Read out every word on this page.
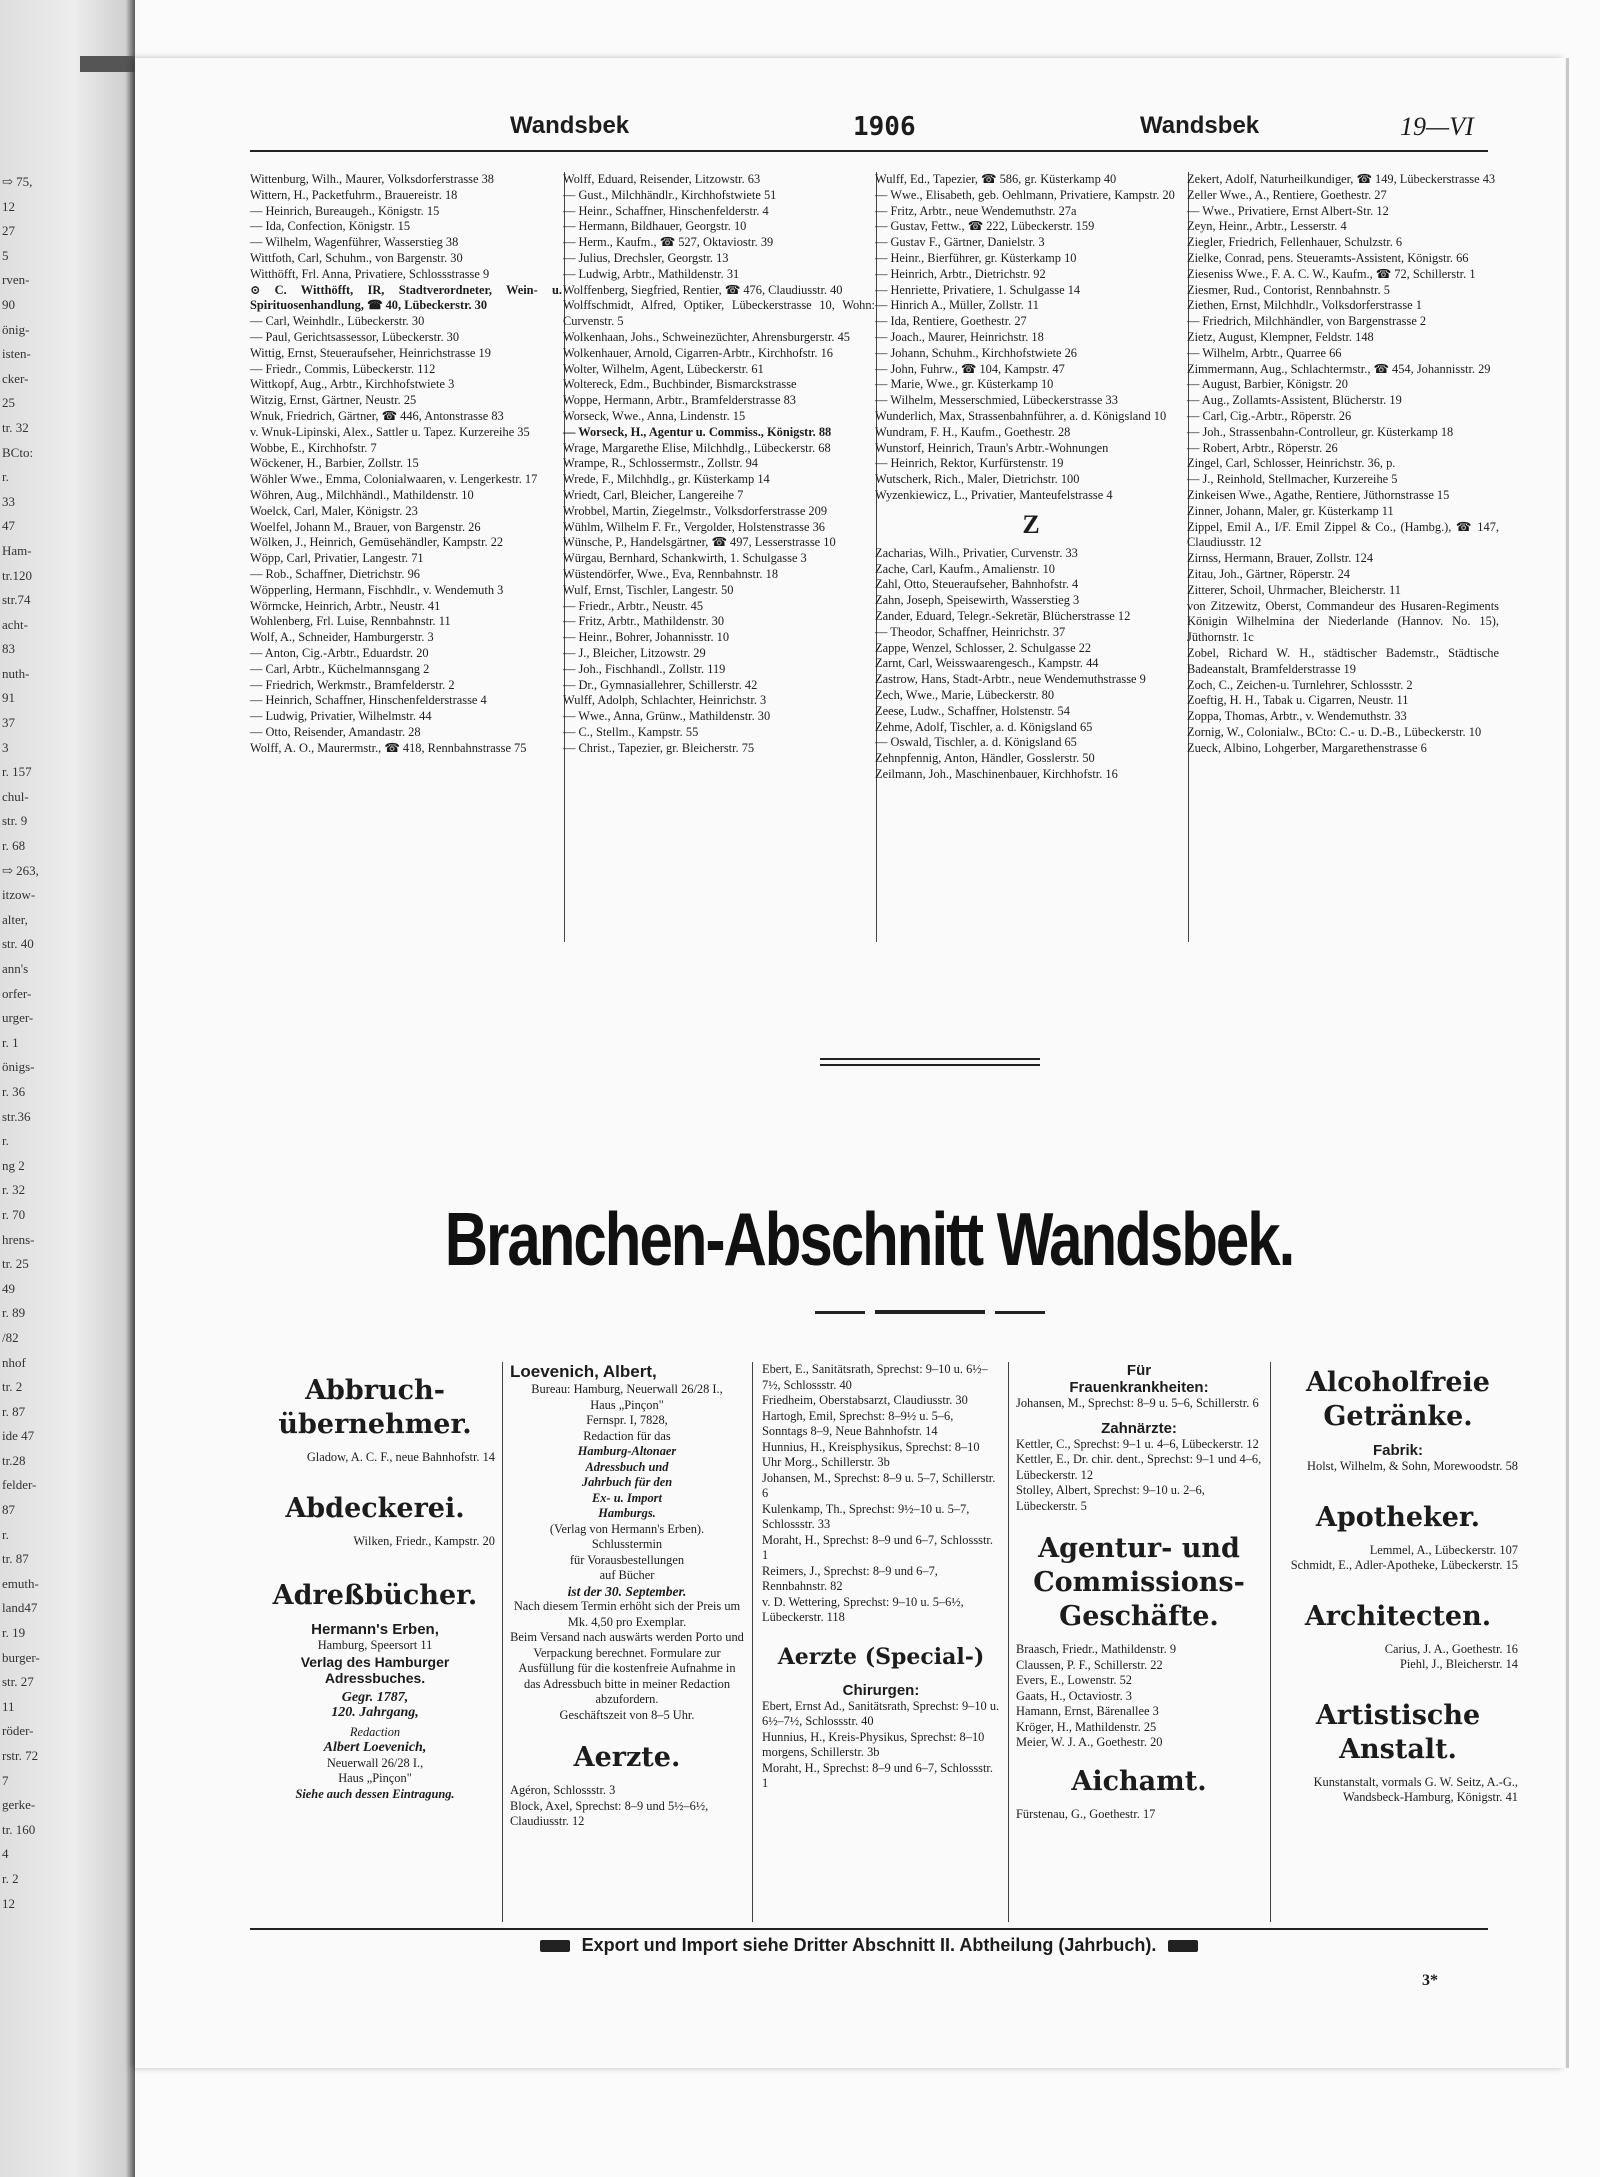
⇨ 75,
12
27
5
rven-
90
önig-
isten-
cker-
25
tr. 32
BCto:
r.
33
47
Ham-
tr.120
str.74
acht-
83
nuth-
91
37
3
r. 157
chul-
str. 9
r. 68
⇨ 263,
itzow-
alter,
str. 40
ann's
orfer-
urger-
r. 1
önigs-
r. 36
str.36
r.
ng 2
r. 32
r. 70
hrens-
tr. 25
49
r. 89
/82
nhof
tr. 2
r. 87
ide 47
tr.28
felder-
87
r.
tr. 87
emuth-
land47
r. 19
burger-
str. 27
11
röder-
rstr. 72
7
gerke-
tr. 160
4
r. 2
12
Wandsbek	1906	Wandsbek	19—VI
Wittenburg, Wilh., Maurer, Volksdorferstrasse 38
Wittern, H., Packetfuhrm., Brauereistr. 18
— Heinrich, Bureaugeh., Königstr. 15
— Ida, Confection, Königstr. 15
— Wilhelm, Wagenführer, Wasserstieg 38
Wittfoth, Carl, Schuhm., von Bargenstr. 30
Witthöfft, Frl. Anna, Privatiere, Schlossstrasse 9
⊙ C. Witthöfft, IR, Stadtverordneter, Wein- u. Spirituosenhandlung, ☎ 40, Lübeckerstr. 30
— Carl, Weinhdlr., Lübeckerstr. 30
— Paul, Gerichtsassessor, Lübeckerstr. 30
Wittig, Ernst, Steueraufseher, Heinrichstrasse 19
— Friedr., Commis, Lübeckerstr. 112
Wittkopf, Aug., Arbtr., Kirchhofstwiete 3
Witzig, Ernst, Gärtner, Neustr. 25
Wnuk, Friedrich, Gärtner, ☎ 446, Antonstrasse 83
v. Wnuk-Lipinski, Alex., Sattler u. Tapez. Kurzereihe 35
Wobbe, E., Kirchhofstr. 7
Wöckener, H., Barbier, Zollstr. 15
Wöhler Wwe., Emma, Colonialwaaren, v. Lengerkestr. 17
Wöhren, Aug., Milchhändl., Mathildenstr. 10
Woelck, Carl, Maler, Königstr. 23
Woelfel, Johann M., Brauer, von Bargenstr. 26
Wölken, J., Heinrich, Gemüsehändler, Kampstr. 22
Wöpp, Carl, Privatier, Langestr. 71
— Rob., Schaffner, Dietrichstr. 96
Wöpperling, Hermann, Fischhdlr., v. Wendemuth 3
Wörmcke, Heinrich, Arbtr., Neustr. 41
Wohlenberg, Frl. Luise, Rennbahnstr. 11
Wolf, A., Schneider, Hamburgerstr. 3
— Anton, Cig.-Arbtr., Eduardstr. 20
— Carl, Arbtr., Küchelmannsgang 2
— Friedrich, Werkmstr., Bramfelderstr. 2
— Heinrich, Schaffner, Hinschenfelderstrasse 4
— Ludwig, Privatier, Wilhelmstr. 44
— Otto, Reisender, Amandastr. 28
Wolff, A. O., Maurermstr., ☎ 418, Rennbahnstrasse 75
Wolff, Eduard, Reisender, Litzowstr. 63
— Gust., Milchhändlr., Kirchhofstwiete 51
— Heinr., Schaffner, Hinschenfelderstr. 4
— Hermann, Bildhauer, Georgstr. 10
— Herm., Kaufm., ☎ 527, Oktaviostr. 39
— Julius, Drechsler, Georgstr. 13
— Ludwig, Arbtr., Mathildenstr. 31
Wolffenberg, Siegfried, Rentier, ☎ 476, Claudiusstr. 40
Wolffschmidt, Alfred, Optiker, Lübeckerstrasse 10, Wohn: Curvenstr. 5
Wolkenhaan, Johs., Schweinezüchter, Ahrensburgerstr. 45
Wolkenhauer, Arnold, Cigarren-Arbtr., Kirchhofstr. 16
Wolter, Wilhelm, Agent, Lübeckerstr. 61
Woltereck, Edm., Buchbinder, Bismarckstrasse
Woppe, Hermann, Arbtr., Bramfelderstrasse 83
Worseck, Wwe., Anna, Lindenstr. 15
— Worseck, H., Agentur u. Commiss., Königstr. 88
Wrage, Margarethe Elise, Milchhdlg., Lübeckerstr. 68
Wrampe, R., Schlossermstr., Zollstr. 94
Wrede, F., Milchhdlg., gr. Küsterkamp 14
Wriedt, Carl, Bleicher, Langereihe 7
Wrobbel, Martin, Ziegelmstr., Volksdorferstrasse 209
Wühlm, Wilhelm F. Fr., Vergolder, Holstenstrasse 36
Wünsche, P., Handelsgärtner, ☎ 497, Lesserstrasse 10
Würgau, Bernhard, Schankwirth, 1. Schulgasse 3
Wüstendörfer, Wwe., Eva, Rennbahnstr. 18
Wulf, Ernst, Tischler, Langestr. 50
— Friedr., Arbtr., Neustr. 45
— Fritz, Arbtr., Mathildenstr. 30
— Heinr., Bohrer, Johannisstr. 10
— J., Bleicher, Litzowstr. 29
— Joh., Fischhandl., Zollstr. 119
— Dr., Gymnasiallehrer, Schillerstr. 42
Wulff, Adolph, Schlachter, Heinrichstr. 3
— Wwe., Anna, Grünw., Mathildenstr. 30
— C., Stellm., Kampstr. 55
— Christ., Tapezier, gr. Bleicherstr. 75
Wulff, Ed., Tapezier, ☎ 586, gr. Küsterkamp 40
— Wwe., Elisabeth, geb. Oehlmann, Privatiere, Kampstr. 20
— Fritz, Arbtr., neue Wendemuthstr. 27a
— Gustav, Fettw., ☎ 222, Lübeckerstr. 159
— Gustav F., Gärtner, Danielstr. 3
— Heinr., Bierführer, gr. Küsterkamp 10
— Heinrich, Arbtr., Dietrichstr. 92
— Henriette, Privatiere, 1. Schulgasse 14
— Hinrich A., Müller, Zollstr. 11
— Ida, Rentiere, Goethestr. 27
— Joach., Maurer, Heinrichstr. 18
— Johann, Schuhm., Kirchhofstwiete 26
— John, Fuhrw., ☎ 104, Kampstr. 47
— Marie, Wwe., gr. Küsterkamp 10
— Wilhelm, Messerschmied, Lübeckerstrasse 33
Wunderlich, Max, Strassenbahnführer, a. d. Königsland 10
Wundram, F. H., Kaufm., Goethestr. 28
Wunstorf, Heinrich, Traun's Arbtr.-Wohnungen
— Heinrich, Rektor, Kurfürstenstr. 19
Wutscherk, Rich., Maler, Dietrichstr. 100
Wyzenkiewicz, L., Privatier, Manteufelstrasse 4
Z
Zacharias, Wilh., Privatier, Curvenstr. 33
Zache, Carl, Kaufm., Amalienstr. 10
Zahl, Otto, Steueraufseher, Bahnhofstr. 4
Zahn, Joseph, Speisewirth, Wasserstieg 3
Zander, Eduard, Telegr.-Sekretär, Blücherstrasse 12
— Theodor, Schaffner, Heinrichstr. 37
Zappe, Wenzel, Schlosser, 2. Schulgasse 22
Zarnt, Carl, Weisswaarengesch., Kampstr. 44
Zastrow, Hans, Stadt-Arbtr., neue Wendemuthstrasse 9
Zech, Wwe., Marie, Lübeckerstr. 80
Zeese, Ludw., Schaffner, Holstenstr. 54
Zehme, Adolf, Tischler, a. d. Königsland 65
— Oswald, Tischler, a. d. Königsland 65
Zehnpfennig, Anton, Händler, Gosslerstr. 50
Zeilmann, Joh., Maschinenbauer, Kirchhofstr. 16
Zekert, Adolf, Naturheilkundiger, ☎ 149, Lübeckerstrasse 43
Zeller Wwe., A., Rentiere, Goethestr. 27
— Wwe., Privatiere, Ernst Albert-Str. 12
Zeyn, Heinr., Arbtr., Lesserstr. 4
Ziegler, Friedrich, Fellenhauer, Schulzstr. 6
Zielke, Conrad, pens. Steueramts-Assistent, Königstr. 66
Zieseniss Wwe., F. A. C. W., Kaufm., ☎ 72, Schillerstr. 1
Ziesmer, Rud., Contorist, Rennbahnstr. 5
Ziethen, Ernst, Milchhdlr., Volksdorferstrasse 1
— Friedrich, Milchhändler, von Bargenstrasse 2
Zietz, August, Klempner, Feldstr. 148
— Wilhelm, Arbtr., Quarree 66
Zimmermann, Aug., Schlachtermstr., ☎ 454, Johannisstr. 29
— August, Barbier, Königstr. 20
— Aug., Zollamts-Assistent, Blücherstr. 19
— Carl, Cig.-Arbtr., Röperstr. 26
— Joh., Strassenbahn-Controlleur, gr. Küsterkamp 18
— Robert, Arbtr., Röperstr. 26
Zingel, Carl, Schlosser, Heinrichstr. 36, p.
— J., Reinhold, Stellmacher, Kurzereihe 5
Zinkeisen Wwe., Agathe, Rentiere, Jüthornstrasse 15
Zinner, Johann, Maler, gr. Küsterkamp 11
Zippel, Emil A., I/F. Emil Zippel & Co., (Hambg.), ☎ 147, Claudiusstr. 12
Zirnss, Hermann, Brauer, Zollstr. 124
Zitau, Joh., Gärtner, Röperstr. 24
Zitterer, Schoil, Uhrmacher, Bleicherstr. 11
von Zitzewitz, Oberst, Commandeur des Husaren-Regiments Königin Wilhelmina der Niederlande (Hannov. No. 15), Jüthornstr. 1c
Zobel, Richard W. H., städtischer Bademstr., Städtische Badeanstalt, Bramfelderstrasse 19
Zoch, C., Zeichen-u. Turnlehrer, Schlossstr. 2
Zoeftig, H. H., Tabak u. Cigarren, Neustr. 11
Zoppa, Thomas, Arbtr., v. Wendemuthstr. 33
Zornig, W., Colonialw., BCto: C.- u. D.-B., Lübeckerstr. 10
Zueck, Albino, Lohgerber, Margarethenstrasse 6
Branchen-Abschnitt Wandsbek.
Abbruch-übernehmer.
Gladow, A. C. F., neue Bahnhofstr. 14
Abdeckerei.
Wilken, Friedr., Kampstr. 20
Adreßbücher.
Hermann's Erben,
Hamburg, Speersort 11
Verlag des Hamburger Adressbuches.
Gegr. 1787,
120. Jahrgang,
Redaction
Albert Loevenich,
Neuerwall 26/28 I.,
Haus „Pinçon"
Siehe auch dessen Eintragung.
Loevenich, Albert,
Bureau: Hamburg, Neuerwall 26/28 I.,
Haus „Pinçon"
Fernspr. I, 7828,
Redaction für das
Hamburg-Altonaer
Adressbuch und
Jahrbuch für den
Ex- u. Import
Hamburgs.
(Verlag von Hermann's Erben).
Schlusstermin
für Vorausbestellungen
auf Bücher
ist der 30. September.
Nach diesem Termin erhöht sich der Preis um Mk. 4,50 pro Exemplar.
Beim Versand nach auswärts werden Porto und Verpackung berechnet. Formulare zur Ausfüllung für die kostenfreie Aufnahme in das Adressbuch bitte in meiner Redaction abzufordern.
Geschäftszeit von 8–5 Uhr.
Aerzte.
Agéron, Schlossstr. 3
Block, Axel, Sprechst: 8–9 und 5½–6½, Claudiusstr. 12
Ebert, E., Sanitätsrath, Sprechst: 9–10 u. 6½–7½, Schlossstr. 40
Friedheim, Oberstabsarzt, Claudiusstr. 30
Hartogh, Emil, Sprechst: 8–9½ u. 5–6, Sonntags 8–9, Neue Bahnhofstr. 14
Hunnius, H., Kreisphysikus, Sprechst: 8–10 Uhr Morg., Schillerstr. 3b
Johansen, M., Sprechst: 8–9 u. 5–7, Schillerstr. 6
Kulenkamp, Th., Sprechst: 9½–10 u. 5–7, Schlossstr. 33
Moraht, H., Sprechst: 8–9 und 6–7, Schlossstr. 1
Reimers, J., Sprechst: 8–9 und 6–7, Rennbahnstr. 82
v. D. Wettering, Sprechst: 9–10 u. 5–6½, Lübeckerstr. 118
Aerzte (Special-)
Chirurgen:
Ebert, Ernst Ad., Sanitätsrath, Sprechst: 9–10 u. 6½–7½, Schlossstr. 40
Hunnius, H., Kreis-Physikus, Sprechst: 8–10 morgens, Schillerstr. 3b
Moraht, H., Sprechst: 8–9 und 6–7, Schlossstr. 1
Für
Frauenkrankheiten:
Johansen, M., Sprechst: 8–9 u. 5–6, Schillerstr. 6
Zahnärzte:
Kettler, C., Sprechst: 9–1 u. 4–6, Lübeckerstr. 12
Kettler, E., Dr. chir. dent., Sprechst: 9–1 und 4–6, Lübeckerstr. 12
Stolley, Albert, Sprechst: 9–10 u. 2–6, Lübeckerstr. 5
Agentur- und Commissions-Geschäfte.
Braasch, Friedr., Mathildenstr. 9
Claussen, P. F., Schillerstr. 22
Evers, E., Lowenstr. 52
Gaats, H., Octaviostr. 3
Hamann, Ernst, Bärenallee 3
Kröger, H., Mathildenstr. 25
Meier, W. J. A., Goethestr. 20
Aichamt.
Fürstenau, G., Goethestr. 17
Alcoholfreie Getränke.
Fabrik:
Holst, Wilhelm, & Sohn, Morewoodstr. 58
Apotheker.
Lemmel, A., Lübeckerstr. 107
Schmidt, E., Adler-Apotheke, Lübeckerstr. 15
Architecten.
Carius, J. A., Goethestr. 16
Piehl, J., Bleicherstr. 14
Artistische Anstalt.
Kunstanstalt, vormals G. W. Seitz, A.-G., Wandsbeck-Hamburg, Königstr. 41
Export und Import siehe Dritter Abschnitt II. Abtheilung (Jahrbuch).
3*
